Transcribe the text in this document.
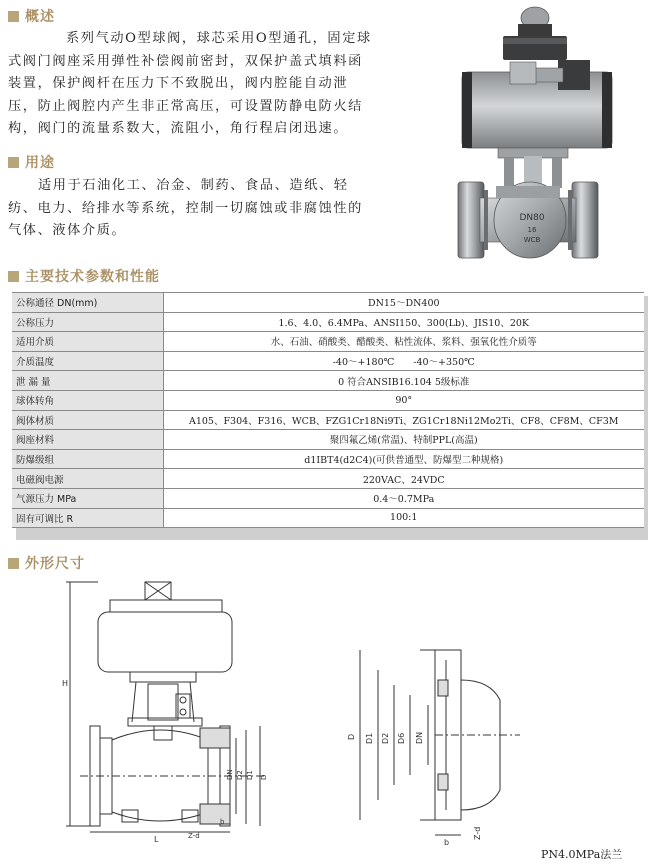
概述
系列气动O型球阀，球芯采用O型通孔，固定球
式阀门阀座采用弹性补偿阀前密封，双保护盖式填料函
装置，保护阀杆在压力下不致脱出，阀内腔能自动泄
压，防止阀腔内产生非正常高压，可设置防静电防火结
构，阀门的流量系数大，流阻小，角行程启闭迅速。
用途
适用于石油化工、冶金、制药、食品、造纸、轻
纺、电力、给排水等系统，控制一切腐蚀或非腐蚀性的
气体、液体介质。
DN80
16
WCB
主要技术参数和性能
公称通径 DN(mm)	DN15～DN400
公称压力	1.6、4.0、6.4MPa、ANSI150、300(Lb)、JIS10、20K
适用介质	水、石油、硝酸类、醋酸类、粘性流体、浆料、强氧化性介质等
介质温度	-40～+180℃　　-40～+350℃
泄 漏 量	0 符合ANSIB16.104 5级标准
球体转角	90°
阀体材质	A105、F304、F316、WCB、FZG1Cr18Ni9Ti、ZG1Cr18Ni12Mo2Ti、CF8、CF8M、CF3M
阀座材料	聚四氟乙烯(常温)、特制PPL(高温)
防爆级组	d1IBT4(d2C4)(可供普通型、防爆型二种规格)
电磁阀电源	220VAC、24VDC
气源压力 MPa	0.4～0.7MPa
固有可调比 R	100:1
外形尺寸
H
L
DN D2 D1 D
Z-d
b
D D1 D2 D6 DN
b
Z-d
PN4.0MPa法兰
